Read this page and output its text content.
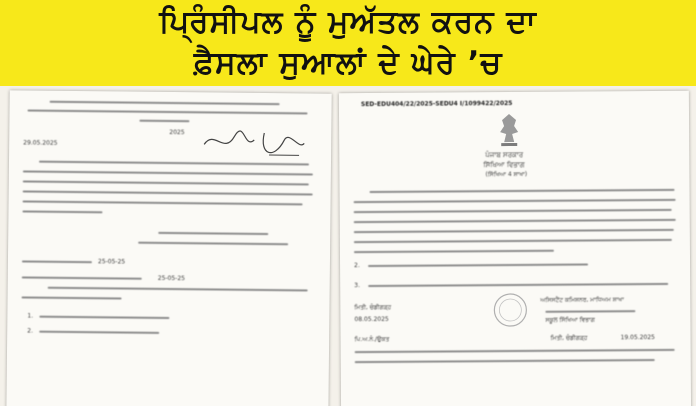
ਪ੍ਰਿੰਸੀਪਲ ਨੂੰ ਮੁਅੱਤਲ ਕਰਨ ਦਾ
ਫ਼ੈਸਲਾ ਸੁਆਲਾਂ ਦੇ ਘੇਰੇ ’ਚ
2025
29.05.2025
25-05-25
25-05-25
1.
2.
SED-EDU404/22/2025-SEDU4 I/1099422/2025
ਪੰਜਾਬ ਸਰਕਾਰ
ਸਿੱਖਿਆ ਵਿਭਾਗ
(ਸਿੱਖਿਆ 4 ਸ਼ਾਖਾ)
2.
3.
ਮਿਤੀ, ਚੰਡੀਗੜ੍ਹ
08.05.2025
ਅਸਿਸਟੈਂਟ ਕਮਿਸ਼ਨਰ, ਮਾਧਿਅਮ ਸ਼ਾਖਾ
ਸਕੂਲ ਸਿੱਖਿਆ ਵਿਭਾਗ
ਪਿ.ਅ.ਨੰ./ਉਕਤ	ਮਿਤੀ, ਚੰਡੀਗੜ੍ਹ	19.05.2025
